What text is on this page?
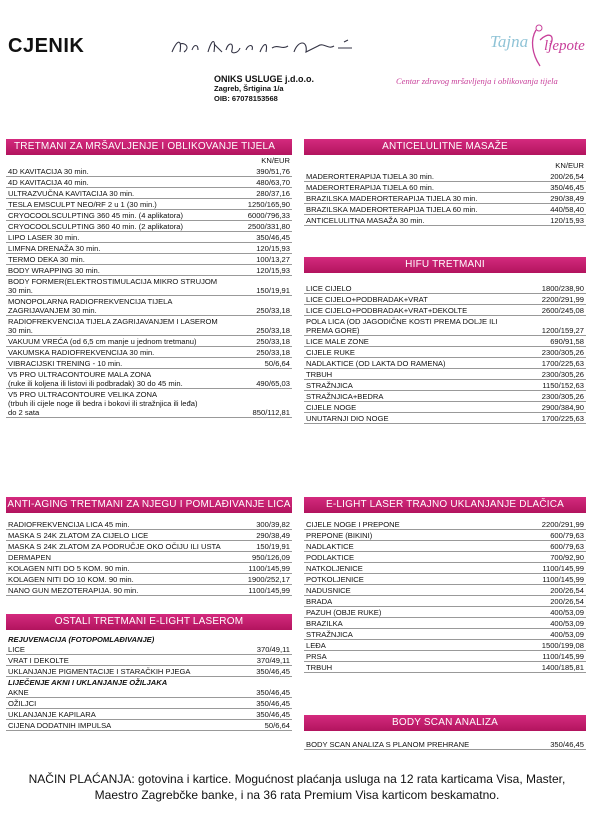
CJENIK
ONIKS USLUGE j.d.o.o.
Zagreb, Šrtigina 1/a
OIB: 67078153568
Tajna ljepote
Centar zdravog mršavljenja i oblikovanja tijela
TRETMANI ZA MRŠAVLJENJE I OBLIKOVANJE TIJELA
KN/EUR
4D KAVITACIJA 30 min.	390/51,76
4D KAVITACIJA 40 min.	480/63,70
ULTRAZVUČNA KAVITACIJA 30 min.	280/37,16
TESLA EMSCULPT NEO/RF 2 u 1 (30 min.)	1250/165,90
CRYOCOOLSCULPTING 360 45 min. (4 aplikatora)	6000/796,33
CRYOCOOLSCULPTING 360 40 min. (2 aplikatora)	2500/331,80
LIPO LASER 30 min.	350/46,45
LIMFNA DRENAŽA 30 min.	120/15,93
TERMO DEKA 30 min.	100/13,27
BODY WRAPPING 30 min.	120/15,93
BODY FORMER(ELEKTROSTIMULACIJA MIKRO STRUJOM
30 min.	150/19,91
MONOPOLARNA RADIOFREKVENCIJA TIJELA
ZAGRIJAVANJEM 30 min.	250/33,18
RADIOFREKVENCIJA TIJELA ZAGRIJAVANJEM I LASEROM
30 min.	250/33,18
VAKUUM VREĆA (od 6,5 cm manje u jednom tretmanu)	250/33,18
VAKUMSKA RADIOFREKVENCIJA 30 min.	250/33,18
VIBRACIJSKI TRENING - 10 min.	50/6,64
V5 PRO ULTRACONTOURE MALA ZONA
(ruke ili koljena ili listovi ili podbradak) 30 do 45 min.	490/65,03
V5 PRO ULTRACONTOURE VELIKA ZONA
(trbuh ili cijele noge ili bedra i bokovi ili stražnjica ili leđa)
do 2 sata	850/112,81
ANTI-AGING TRETMANI ZA NJEGU I POMLAĐIVANJE LICA
RADIOFREKVENCIJA LICA 45 min.	300/39,82
MASKA S 24K ZLATOM ZA CIJELO LICE	290/38,49
MASKA S 24K ZLATOM ZA PODRUČJE OKO OČIJU ILI USTA	150/19,91
DERMAPEN	950/126,09
KOLAGEN NITI DO 5 KOM. 90 min.	1100/145,99
KOLAGEN NITI DO 10 KOM. 90 min.	1900/252,17
NANO GUN MEZOTERAPIJA. 90 min.	1100/145,99
OSTALI TRETMANI E-LIGHT LASEROM
REJUVENACIJA (FOTOPOMLAĐIVANJE)
LICE	370/49,11
VRAT I DEKOLTE	370/49,11
UKLANJANJE PIGMENTACIJE I STARAČKIH PJEGA	350/46,45
LIJEČENJE AKNI I UKLANJANJE OŽILJAKA
AKNE	350/46,45
OŽILJCI	350/46,45
UKLANJANJE KAPILARA	350/46,45
CIJENA DODATNIH IMPULSA	50/6,64
ANTICELULITNE MASAŽE
KN/EUR
MADERORTERAPIJA TIJELA 30 min.	200/26,54
MADERORTERAPIJA TIJELA 60 min.	350/46,45
BRAZILSKA MADERORTERAPIJA TIJELA 30 min.	290/38,49
BRAZILSKA MADERORTERAPIJA TIJELA 60 min.	440/58,40
ANTICELULITNA MASAŽA 30 min.	120/15,93
HIFU TRETMANI
LICE CIJELO	1800/238,90
LICE CIJELO+PODBRADAK+VRAT	2200/291,99
LICE CIJELO+PODBRADAK+VRAT+DEKOLTE	2600/245,08
POLA LICA (OD JAGODIČNE KOSTI PREMA DOLJE ILI
PREMA GORE)	1200/159,27
LICE MALE ZONE	690/91,58
CIJELE RUKE	2300/305,26
NADLAKTICE (OD LAKTA DO RAMENA)	1700/225,63
TRBUH	2300/305,26
STRAŽNJICA	1150/152,63
STRAŽNJICA+BEDRA	2300/305,26
CIJELE NOGE	2900/384,90
UNUTARNJI DIO NOGE	1700/225,63
E-LIGHT LASER TRAJNO UKLANJANJE DLAČICA
CIJELE NOGE I PREPONE	2200/291,99
PREPONE (BIKINI)	600/79,63
NADLAKTICE	600/79,63
PODLAKTICE	700/92,90
NATKOLJENICE	1100/145,99
POTKOLJENICE	1100/145,99
NADUSNICE	200/26,54
BRADA	200/26,54
PAZUH (OBJE RUKE)	400/53,09
BRAZILKA	400/53,09
STRAŽNJICA	400/53,09
LEĐA	1500/199,08
PRSA	1100/145,99
TRBUH	1400/185,81
BODY SCAN ANALIZA
BODY SCAN ANALIZA S PLANOM PREHRANE	350/46,45
NAČIN PLAĆANJA: gotovina i kartice. Mogućnost plaćanja usluga na 12 rata karticama Visa, Master, Maestro Zagrebčke banke, i na 36 rata Premium Visa karticom beskamatno.
